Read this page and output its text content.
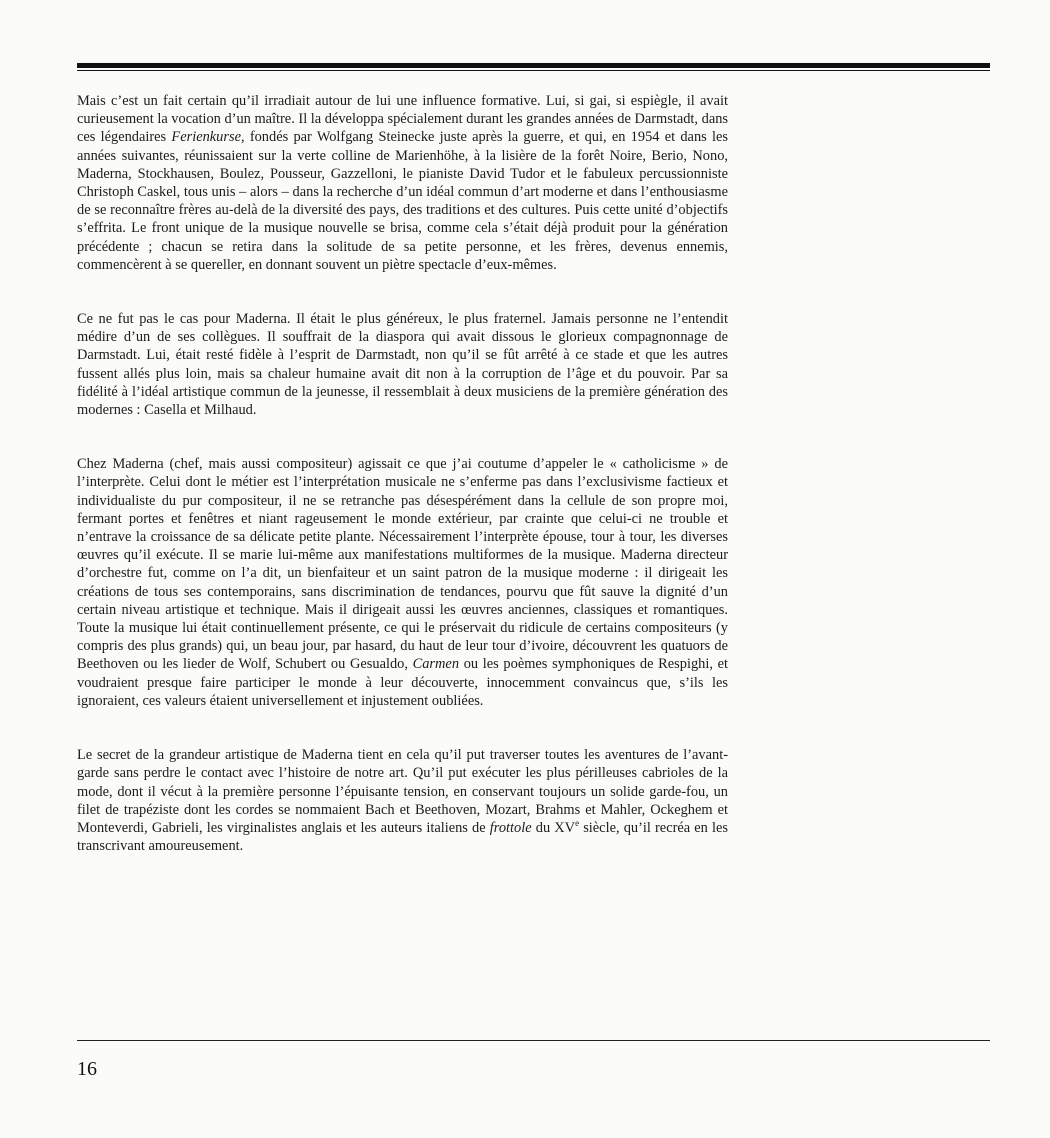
Mais c’est un fait certain qu’il irradiait autour de lui une influence formative. Lui, si gai, si espiègle, il avait curieusement la vocation d’un maître. Il la développa spécialement durant les grandes années de Darmstadt, dans ces légendaires Ferienkurse, fondés par Wolfgang Steinecke juste après la guerre, et qui, en 1954 et dans les années suivantes, réunissaient sur la verte colline de Marienhöhe, à la lisière de la forêt Noire, Berio, Nono, Maderna, Stockhausen, Boulez, Pousseur, Gazzelloni, le pianiste David Tudor et le fabuleux percussionniste Christoph Caskel, tous unis – alors – dans la recherche d’un idéal commun d’art moderne et dans l’enthousiasme de se reconnaître frères au-delà de la diversité des pays, des traditions et des cultures. Puis cette unité d’objectifs s’effrita. Le front unique de la musique nouvelle se brisa, comme cela s’était déjà produit pour la génération précédente ; chacun se retira dans la solitude de sa petite personne, et les frères, devenus ennemis, commencèrent à se quereller, en donnant souvent un piètre spectacle d’eux-mêmes.

Ce ne fut pas le cas pour Maderna. Il était le plus généreux, le plus fraternel. Jamais personne ne l’entendit médire d’un de ses collègues. Il souffrait de la diaspora qui avait dissous le glorieux compagnonnage de Darmstadt. Lui, était resté fidèle à l’esprit de Darmstadt, non qu’il se fût arrêté à ce stade et que les autres fussent allés plus loin, mais sa chaleur humaine avait dit non à la corruption de l’âge et du pouvoir. Par sa fidélité à l’idéal artistique commun de la jeunesse, il ressemblait à deux musiciens de la première génération des modernes : Casella et Milhaud.

Chez Maderna (chef, mais aussi compositeur) agissait ce que j’ai coutume d’appeler le « catholicisme » de l’interprète. Celui dont le métier est l’interprétation musicale ne s’enferme pas dans l’exclusivisme factieux et individualiste du pur compositeur, il ne se retranche pas désespérément dans la cellule de son propre moi, fermant portes et fenêtres et niant rageusement le monde extérieur, par crainte que celui-ci ne trouble et n’entrave la croissance de sa délicate petite plante. Nécessairement l’interprète épouse, tour à tour, les diverses œuvres qu’il exécute. Il se marie lui-même aux manifestations multiformes de la musique. Maderna directeur d’orchestre fut, comme on l’a dit, un bienfaiteur et un saint patron de la musique moderne : il dirigeait les créations de tous ses contemporains, sans discrimination de tendances, pourvu que fût sauve la dignité d’un certain niveau artistique et technique. Mais il dirigeait aussi les œuvres anciennes, classiques et romantiques. Toute la musique lui était continuellement présente, ce qui le préservait du ridicule de certains compositeurs (y compris des plus grands) qui, un beau jour, par hasard, du haut de leur tour d’ivoire, découvrent les quatuors de Beethoven ou les lieder de Wolf, Schubert ou Gesualdo, Carmen ou les poèmes symphoniques de Respighi, et voudraient presque faire participer le monde à leur découverte, innocemment convaincus que, s’ils les ignoraient, ces valeurs étaient universellement et injustement oubliées.

Le secret de la grandeur artistique de Maderna tient en cela qu’il put traverser toutes les aventures de l’avant-garde sans perdre le contact avec l’histoire de notre art. Qu’il put exécuter les plus périlleuses cabrioles de la mode, dont il vécut à la première personne l’épuisante tension, en conservant toujours un solide garde-fou, un filet de trapéziste dont les cordes se nommaient Bach et Beethoven, Mozart, Brahms et Mahler, Ockeghem et Monteverdi, Gabrieli, les virginalistes anglais et les auteurs italiens de frottole du XVe siècle, qu’il recréa en les transcrivant amoureusement.

16
